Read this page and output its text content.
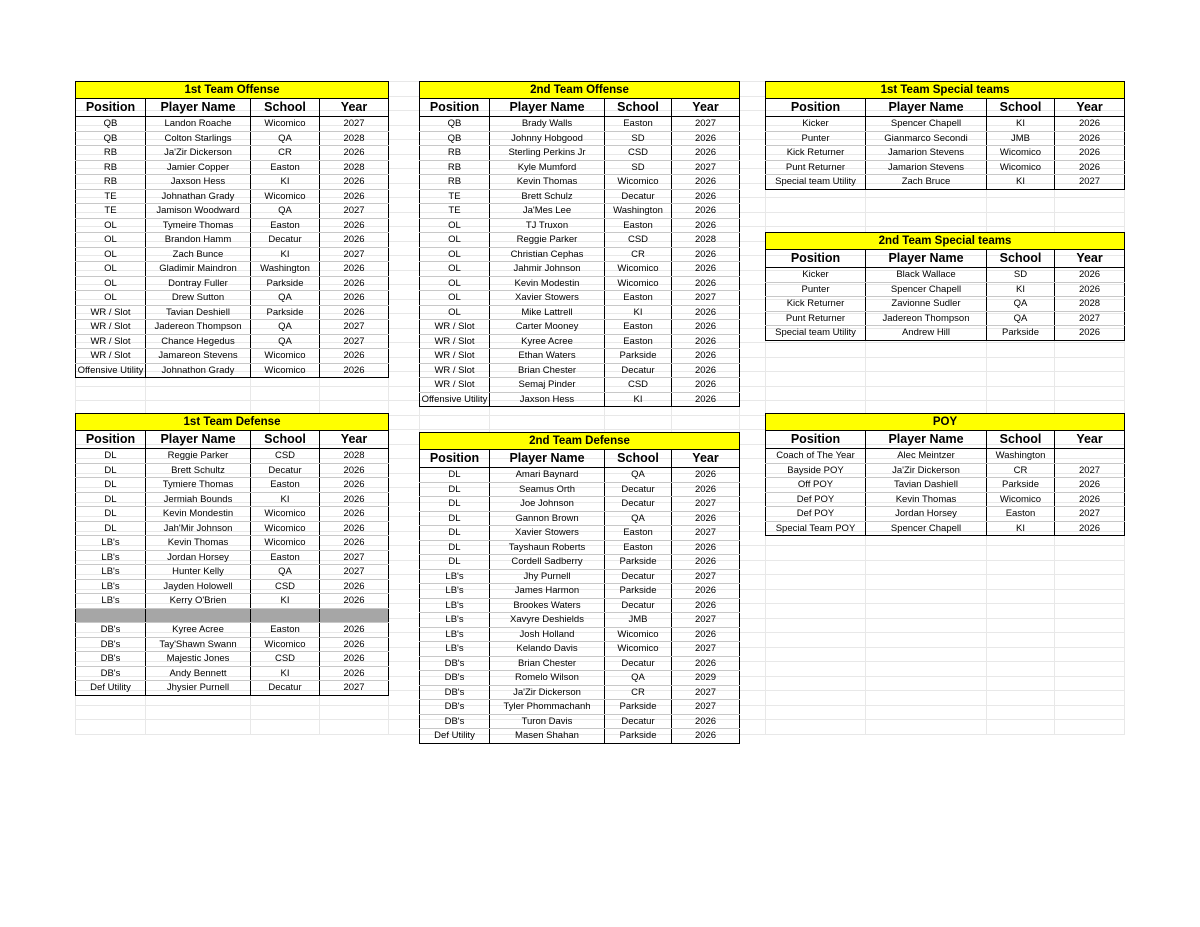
1st Team Offense			
Position	Player Name	School	Year
QB	Landon Roache	Wicomico	2027
QB	Colton Starlings	QA	2028
RB	Ja'Zir Dickerson	CR	2026
RB	Jamier Copper	Easton	2028
RB	Jaxson Hess	KI	2026
TE	Johnathan Grady	Wicomico	2026
TE	Jamison Woodward	QA	2027
OL	Tymeire Thomas	Easton	2026
OL	Brandon Hamm	Decatur	2026
OL	Zach Bunce	KI	2027
OL	Gladimir Maindron	Washington	2026
OL	Dontray Fuller	Parkside	2026
OL	Drew Sutton	QA	2026
WR / Slot	Tavian Deshiell	Parkside	2026
WR / Slot	Jadereon Thompson	QA	2027
WR / Slot	Chance Hegedus	QA	2027
WR / Slot	Jamareon Stevens	Wicomico	2026
Offensive Utility	Johnathon Grady	Wicomico	2026
2nd Team Offense			
Position	Player Name	School	Year
QB	Brady Walls	Easton	2027
QB	Johnny Hobgood	SD	2026
RB	Sterling Perkins Jr	CSD	2026
RB	Kyle Mumford	SD	2027
RB	Kevin Thomas	Wicomico	2026
TE	Brett Schulz	Decatur	2026
TE	Ja'Mes Lee	Washington	2026
OL	TJ Truxon	Easton	2026
OL	Reggie Parker	CSD	2028
OL	Christian Cephas	CR	2026
OL	Jahmir Johnson	Wicomico	2026
OL	Kevin Modestin	Wicomico	2026
OL	Xavier Stowers	Easton	2027
OL	Mike Lattrell	KI	2026
WR / Slot	Carter Mooney	Easton	2026
WR / Slot	Kyree Acree	Easton	2026
WR / Slot	Ethan Waters	Parkside	2026
WR / Slot	Brian Chester	Decatur	2026
WR / Slot	Semaj Pinder	CSD	2026
Offensive Utility	Jaxson Hess	KI	2026
1st Team Special teams			
Position	Player Name	School	Year
Kicker	Spencer Chapell	KI	2026
Punter	Gianmarco Secondi	JMB	2026
Kick Returner	Jamarion Stevens	Wicomico	2026
Punt Returner	Jamarion Stevens	Wicomico	2026
Special team Utility	Zach Bruce	KI	2027
2nd Team Special teams			
Position	Player Name	School	Year
Kicker	Black Wallace	SD	2026
Punter	Spencer Chapell	KI	2026
Kick Returner	Zavionne Sudler	QA	2028
Punt Returner	Jadereon Thompson	QA	2027
Special team Utility	Andrew Hill	Parkside	2026
1st Team Defense			
Position	Player Name	School	Year
DL	Reggie Parker	CSD	2028
DL	Brett Schultz	Decatur	2026
DL	Tymiere Thomas	Easton	2026
DL	Jermiah Bounds	KI	2026
DL	Kevin Mondestin	Wicomico	2026
DL	Jah'Mir Johnson	Wicomico	2026
LB's	Kevin Thomas	Wicomico	2026
LB's	Jordan Horsey	Easton	2027
LB's	Hunter Kelly	QA	2027
LB's	Jayden Holowell	CSD	2026
LB's	Kerry O'Brien	KI	2026

DB's	Kyree Acree	Easton	2026
DB's	Tay'Shawn Swann	Wicomico	2026
DB's	Majestic Jones	CSD	2026
DB's	Andy Bennett	KI	2026
Def Utility	Jhysier Purnell	Decatur	2027
2nd Team Defense			
Position	Player Name	School	Year
DL	Amari Baynard	QA	2026
DL	Seamus Orth	Decatur	2026
DL	Joe Johnson	Decatur	2027
DL	Gannon Brown	QA	2026
DL	Xavier Stowers	Easton	2027
DL	Tayshaun Roberts	Easton	2026
DL	Cordell Sadberry	Parkside	2026
LB's	Jhy Purnell	Decatur	2027
LB's	James Harmon	Parkside	2026
LB's	Brookes Waters	Decatur	2026
LB's	Xavyre Deshields	JMB	2027
LB's	Josh Holland	Wicomico	2026
LB's	Kelando Davis	Wicomico	2027
DB's	Brian Chester	Decatur	2026
DB's	Romelo Wilson	QA	2029
DB's	Ja'Zir Dickerson	CR	2027
DB's	Tyler Phommachanh	Parkside	2027
DB's	Turon Davis	Decatur	2026
Def Utility	Masen Shahan	Parkside	2026
POY			
Position	Player Name	School	Year
Coach of The Year	Alec Meintzer	Washington	
Bayside POY	Ja'Zir Dickerson	CR	2027
Off POY	Tavian Dashiell	Parkside	2026
Def POY	Kevin Thomas	Wicomico	2026
Def POY	Jordan Horsey	Easton	2027
Special Team POY	Spencer Chapell	KI	2026
